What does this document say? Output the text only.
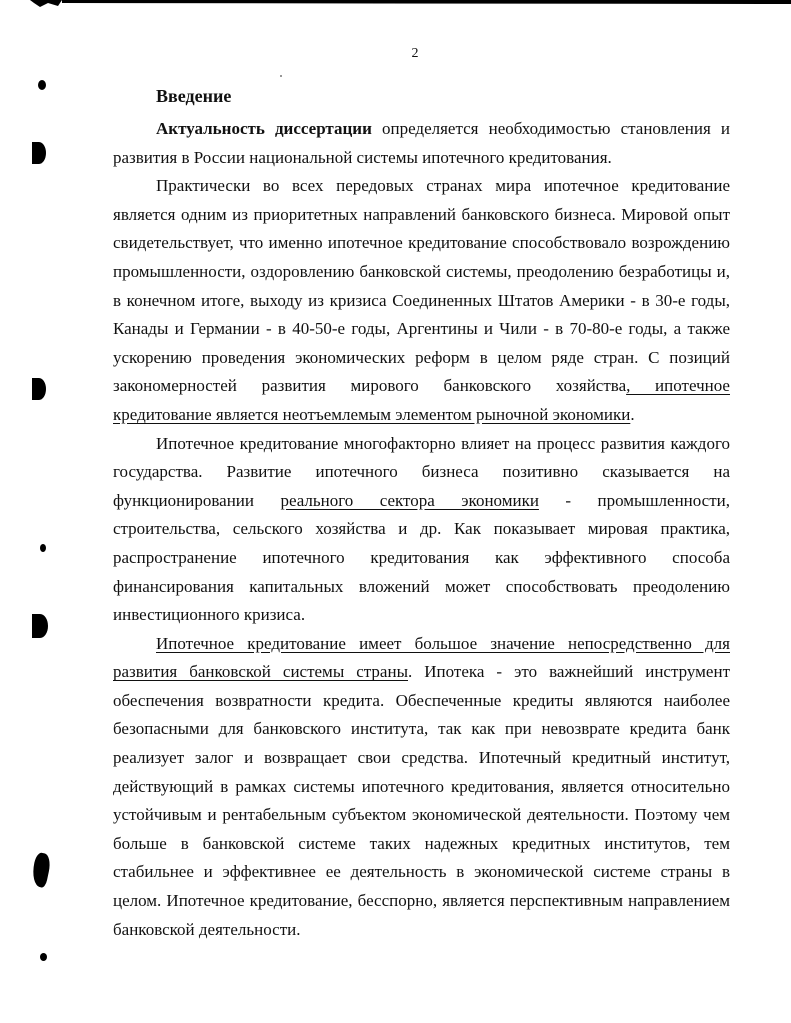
2
Введение

Актуальность диссертации определяется необходимостью становления и развития в России национальной системы ипотечного кредитования.

Практически во всех передовых странах мира ипотечное кредитование является одним из приоритетных направлений банковского бизнеса. Мировой опыт свидетельствует, что именно ипотечное кредитование способствовало возрождению промышленности, оздоровлению банковской системы, преодолению безработицы и, в конечном итоге, выходу из кризиса Соединенных Штатов Америки - в 30-е годы, Канады и Германии - в 40-50-е годы, Аргентины и Чили - в 70-80-е годы, а также ускорению проведения экономических реформ в целом ряде стран. С позиций закономерностей развития мирового банковского хозяйства, ипотечное кредитование является неотъемлемым элементом рыночной экономики.

Ипотечное кредитование многофакторно влияет на процесс развития каждого государства. Развитие ипотечного бизнеса позитивно сказывается на функционировании реального сектора экономики - промышленности, строительства, сельского хозяйства и др. Как показывает мировая практика, распространение ипотечного кредитования как эффективного способа финансирования капитальных вложений может способствовать преодолению инвестиционного кризиса.

Ипотечное кредитование имеет большое значение непосредственно для развития банковской системы страны. Ипотека - это важнейший инструмент обеспечения возвратности кредита. Обеспеченные кредиты являются наиболее безопасными для банковского института, так как при невозврате кредита банк реализует залог и возвращает свои средства. Ипотечный кредитный институт, действующий в рамках системы ипотечного кредитования, является относительно устойчивым и рентабельным субъектом экономической деятельности. Поэтому чем больше в банковской системе таких надежных кредитных институтов, тем стабильнее и эффективнее ее деятельность в экономической системе страны в целом. Ипотечное кредитование, бесспорно, является перспективным направлением банковской деятельности.
